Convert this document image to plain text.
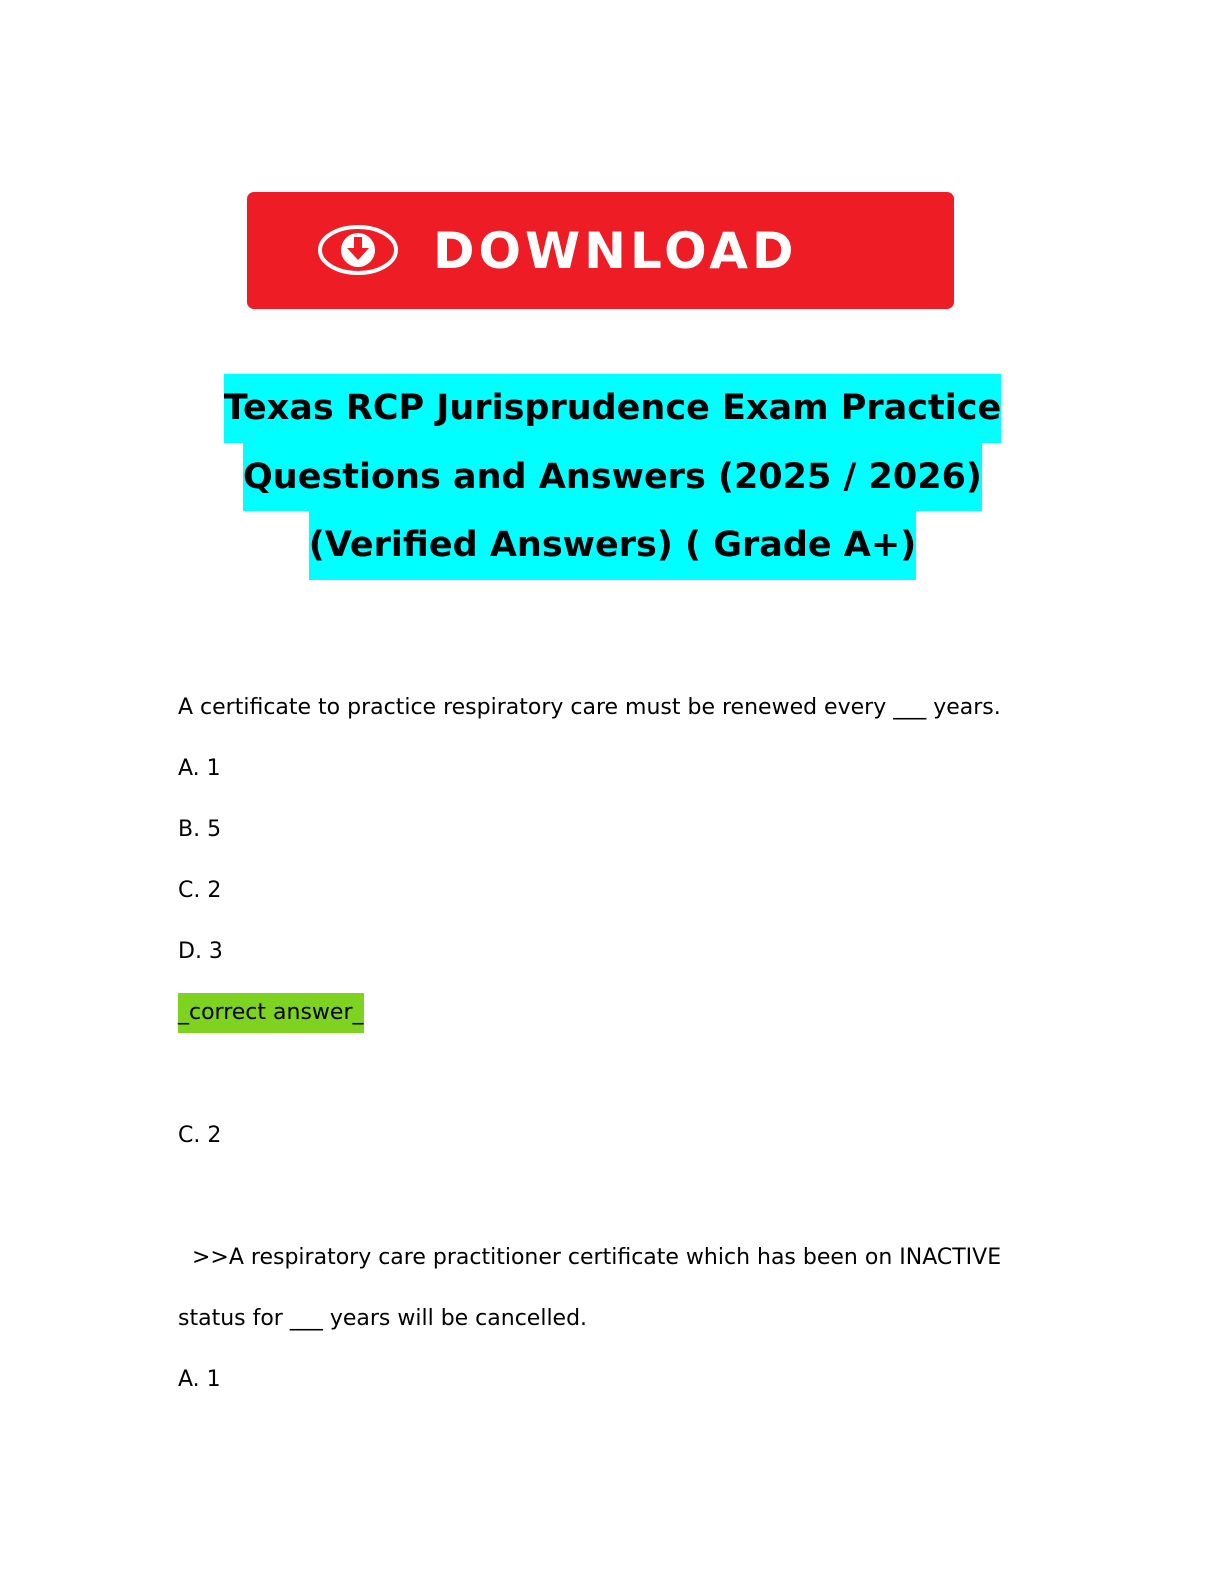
DOWNLOAD
Texas RCP Jurisprudence Exam Practice
Questions and Answers (2025 / 2026)
(Verified Answers) ( Grade A+)
A certificate to practice respiratory care must be renewed every ___ years.
A. 1
B. 5
C. 2
D. 3
_correct answer_
C. 2
>>A respiratory care practitioner certificate which has been on INACTIVE
status for ___ years will be cancelled.
A. 1
